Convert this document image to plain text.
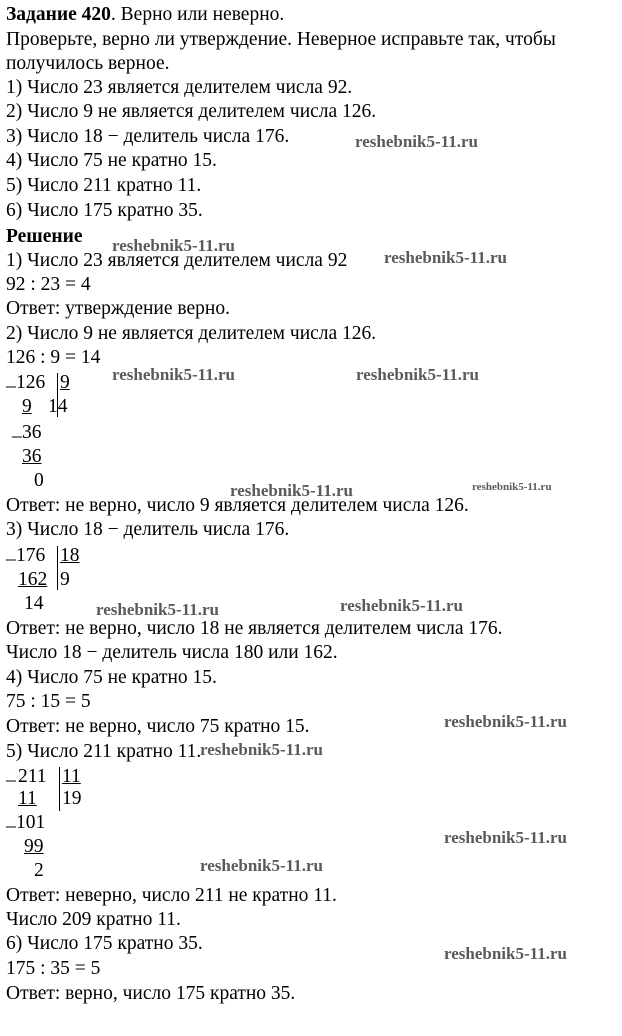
Задание 420. Верно или неверно.
Проверьте, верно ли утверждение. Неверное исправьте так, чтобы
получилось верное.
1) Число 23 является делителем числа 92.
2) Число 9 не является делителем числа 126.
3) Число 18 − делитель числа 176.
4) Число 75 не кратно 15.
5) Число 211 кратно 11.
6) Число 175 кратно 35.
Решение
1) Число 23 является делителем числа 92
92 : 23 = 4
Ответ: утверждение верно.
2) Число 9 не является делителем числа 126.
126 : 9 = 14
_ 126 9
9 14
_ 36
36
0
Ответ: не верно, число 9 является делителем числа 126.
3) Число 18 − делитель числа 176.
_ 176 18
162 9
14
Ответ: не верно, число 18 не является делителем числа 176.
Число 18 − делитель числа 180 или 162.
4) Число 75 не кратно 15.
75 : 15 = 5
Ответ: не верно, число 75 кратно 15.
5) Число 211 кратно 11.
_ 211 11
11 19
_ 101
99
2
Ответ: неверно, число 211 не кратно 11.
Число 209 кратно 11.
6) Число 175 кратно 35.
175 : 35 = 5
Ответ: верно, число 175 кратно 35.
reshebnik5-11.ru
reshebnik5-11.ru
reshebnik5-11.ru
reshebnik5-11.ru	reshebnik5-11.ru
reshebnik5-11.ru	reshebnik5-11.ru
reshebnik5-11.ru	reshebnik5-11.ru
reshebnik5-11.ru
reshebnik5-11.ru
reshebnik5-11.ru
reshebnik5-11.ru
reshebnik5-11.ru
